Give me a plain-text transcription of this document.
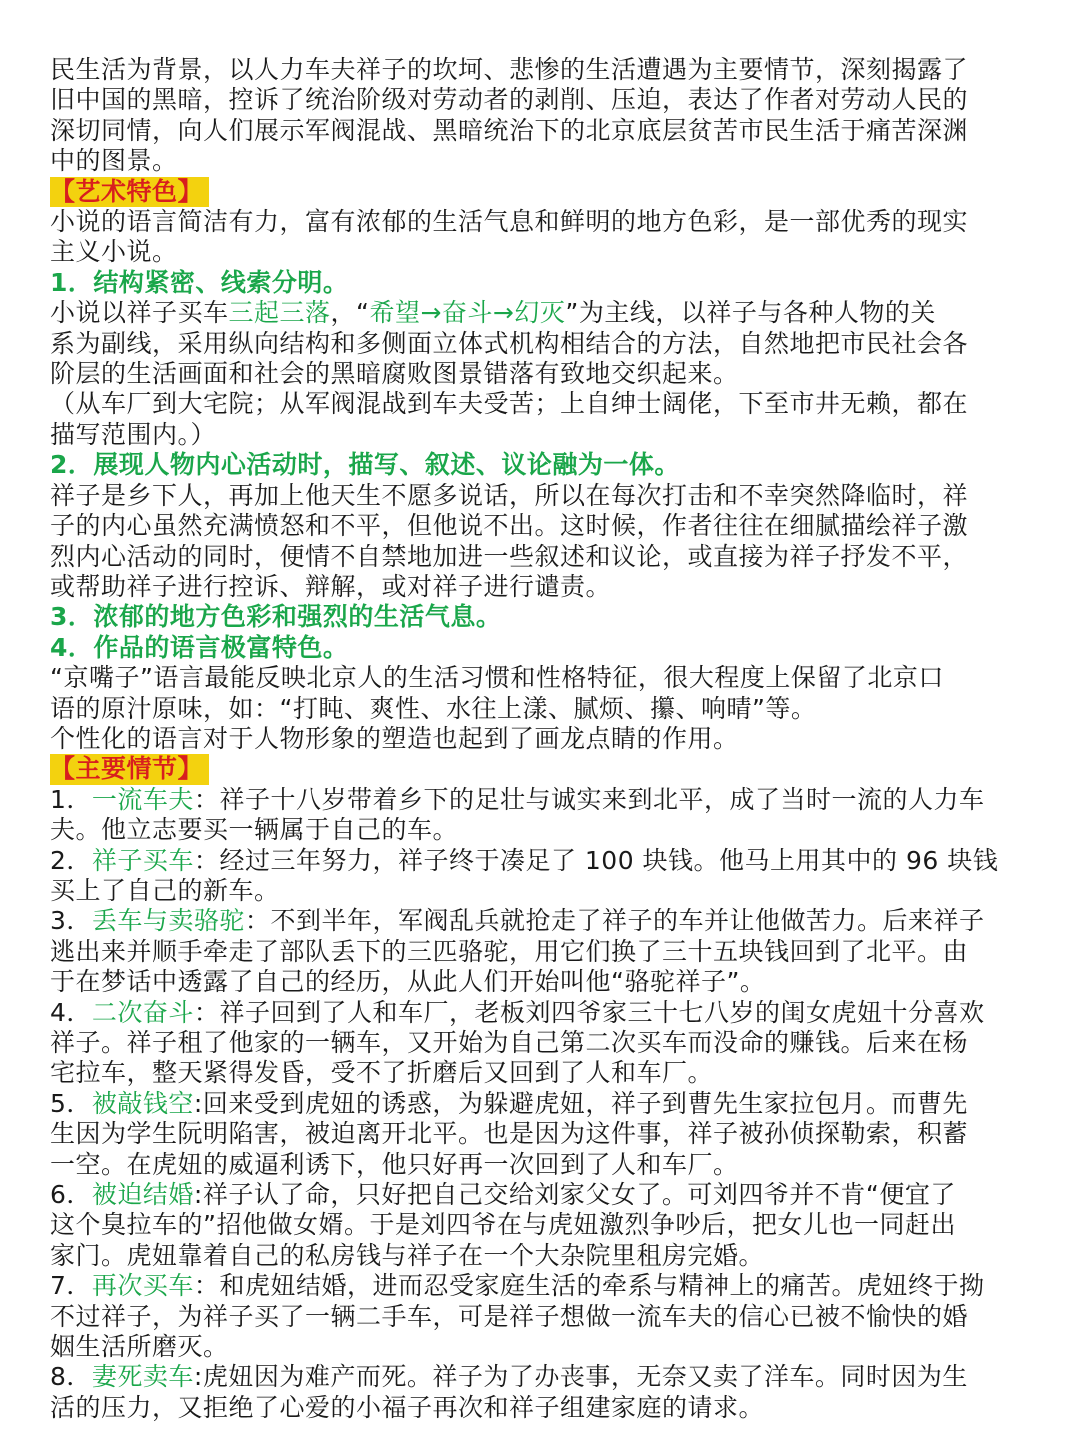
民生活为背景，以人力车夫祥子的坎坷、悲惨的生活遭遇为主要情节，深刻揭露了
旧中国的黑暗，控诉了统治阶级对劳动者的剥削、压迫，表达了作者对劳动人民的
深切同情，向人们展示军阀混战、黑暗统治下的北京底层贫苦市民生活于痛苦深渊
中的图景。
【艺术特色】
小说的语言简洁有力，富有浓郁的生活气息和鲜明的地方色彩，是一部优秀的现实
主义小说。
1．结构紧密、线索分明。
小说以祥子买车三起三落，“希望→奋斗→幻灭”为主线，以祥子与各种人物的关
系为副线，采用纵向结构和多侧面立体式机构相结合的方法，自然地把市民社会各
阶层的生活画面和社会的黑暗腐败图景错落有致地交织起来。
（从车厂到大宅院；从军阀混战到车夫受苦；上自绅士阔佬，下至市井无赖，都在
描写范围内。）
2．展现人物内心活动时，描写、叙述、议论融为一体。
祥子是乡下人，再加上他天生不愿多说话，所以在每次打击和不幸突然降临时，祥
子的内心虽然充满愤怒和不平，但他说不出。这时候，作者往往在细腻描绘祥子激
烈内心活动的同时，便情不自禁地加进一些叙述和议论，或直接为祥子抒发不平，
或帮助祥子进行控诉、辩解，或对祥子进行谴责。
3．浓郁的地方色彩和强烈的生活气息。
4．作品的语言极富特色。
“京嘴子”语言最能反映北京人的生活习惯和性格特征，很大程度上保留了北京口
语的原汁原味，如：“打盹、爽性、水往上漾、腻烦、攥、响晴”等。
个性化的语言对于人物形象的塑造也起到了画龙点睛的作用。
【主要情节】
1．一流车夫：祥子十八岁带着乡下的足壮与诚实来到北平，成了当时一流的人力车
夫。他立志要买一辆属于自己的车。
2．祥子买车：经过三年努力，祥子终于凑足了 100 块钱。他马上用其中的 96 块钱
买上了自己的新车。
3．丢车与卖骆驼：不到半年，军阀乱兵就抢走了祥子的车并让他做苦力。后来祥子
逃出来并顺手牵走了部队丢下的三匹骆驼，用它们换了三十五块钱回到了北平。由
于在梦话中透露了自己的经历，从此人们开始叫他“骆驼祥子”。
4．二次奋斗：祥子回到了人和车厂，老板刘四爷家三十七八岁的闺女虎妞十分喜欢
祥子。祥子租了他家的一辆车，又开始为自己第二次买车而没命的赚钱。后来在杨
宅拉车，整天紧得发昏，受不了折磨后又回到了人和车厂。
5．被敲钱空:回来受到虎妞的诱惑，为躲避虎妞，祥子到曹先生家拉包月。而曹先
生因为学生阮明陷害，被迫离开北平。也是因为这件事，祥子被孙侦探勒索，积蓄
一空。在虎妞的威逼利诱下，他只好再一次回到了人和车厂。
6．被迫结婚:祥子认了命，只好把自己交给刘家父女了。可刘四爷并不肯“便宜了
这个臭拉车的”招他做女婿。于是刘四爷在与虎妞激烈争吵后，把女儿也一同赶出
家门。虎妞靠着自己的私房钱与祥子在一个大杂院里租房完婚。
7．再次买车：和虎妞结婚，进而忍受家庭生活的牵系与精神上的痛苦。虎妞终于拗
不过祥子，为祥子买了一辆二手车，可是祥子想做一流车夫的信心已被不愉快的婚
姻生活所磨灭。
8．妻死卖车:虎妞因为难产而死。祥子为了办丧事，无奈又卖了洋车。同时因为生
活的压力，又拒绝了心爱的小福子再次和祥子组建家庭的请求。
